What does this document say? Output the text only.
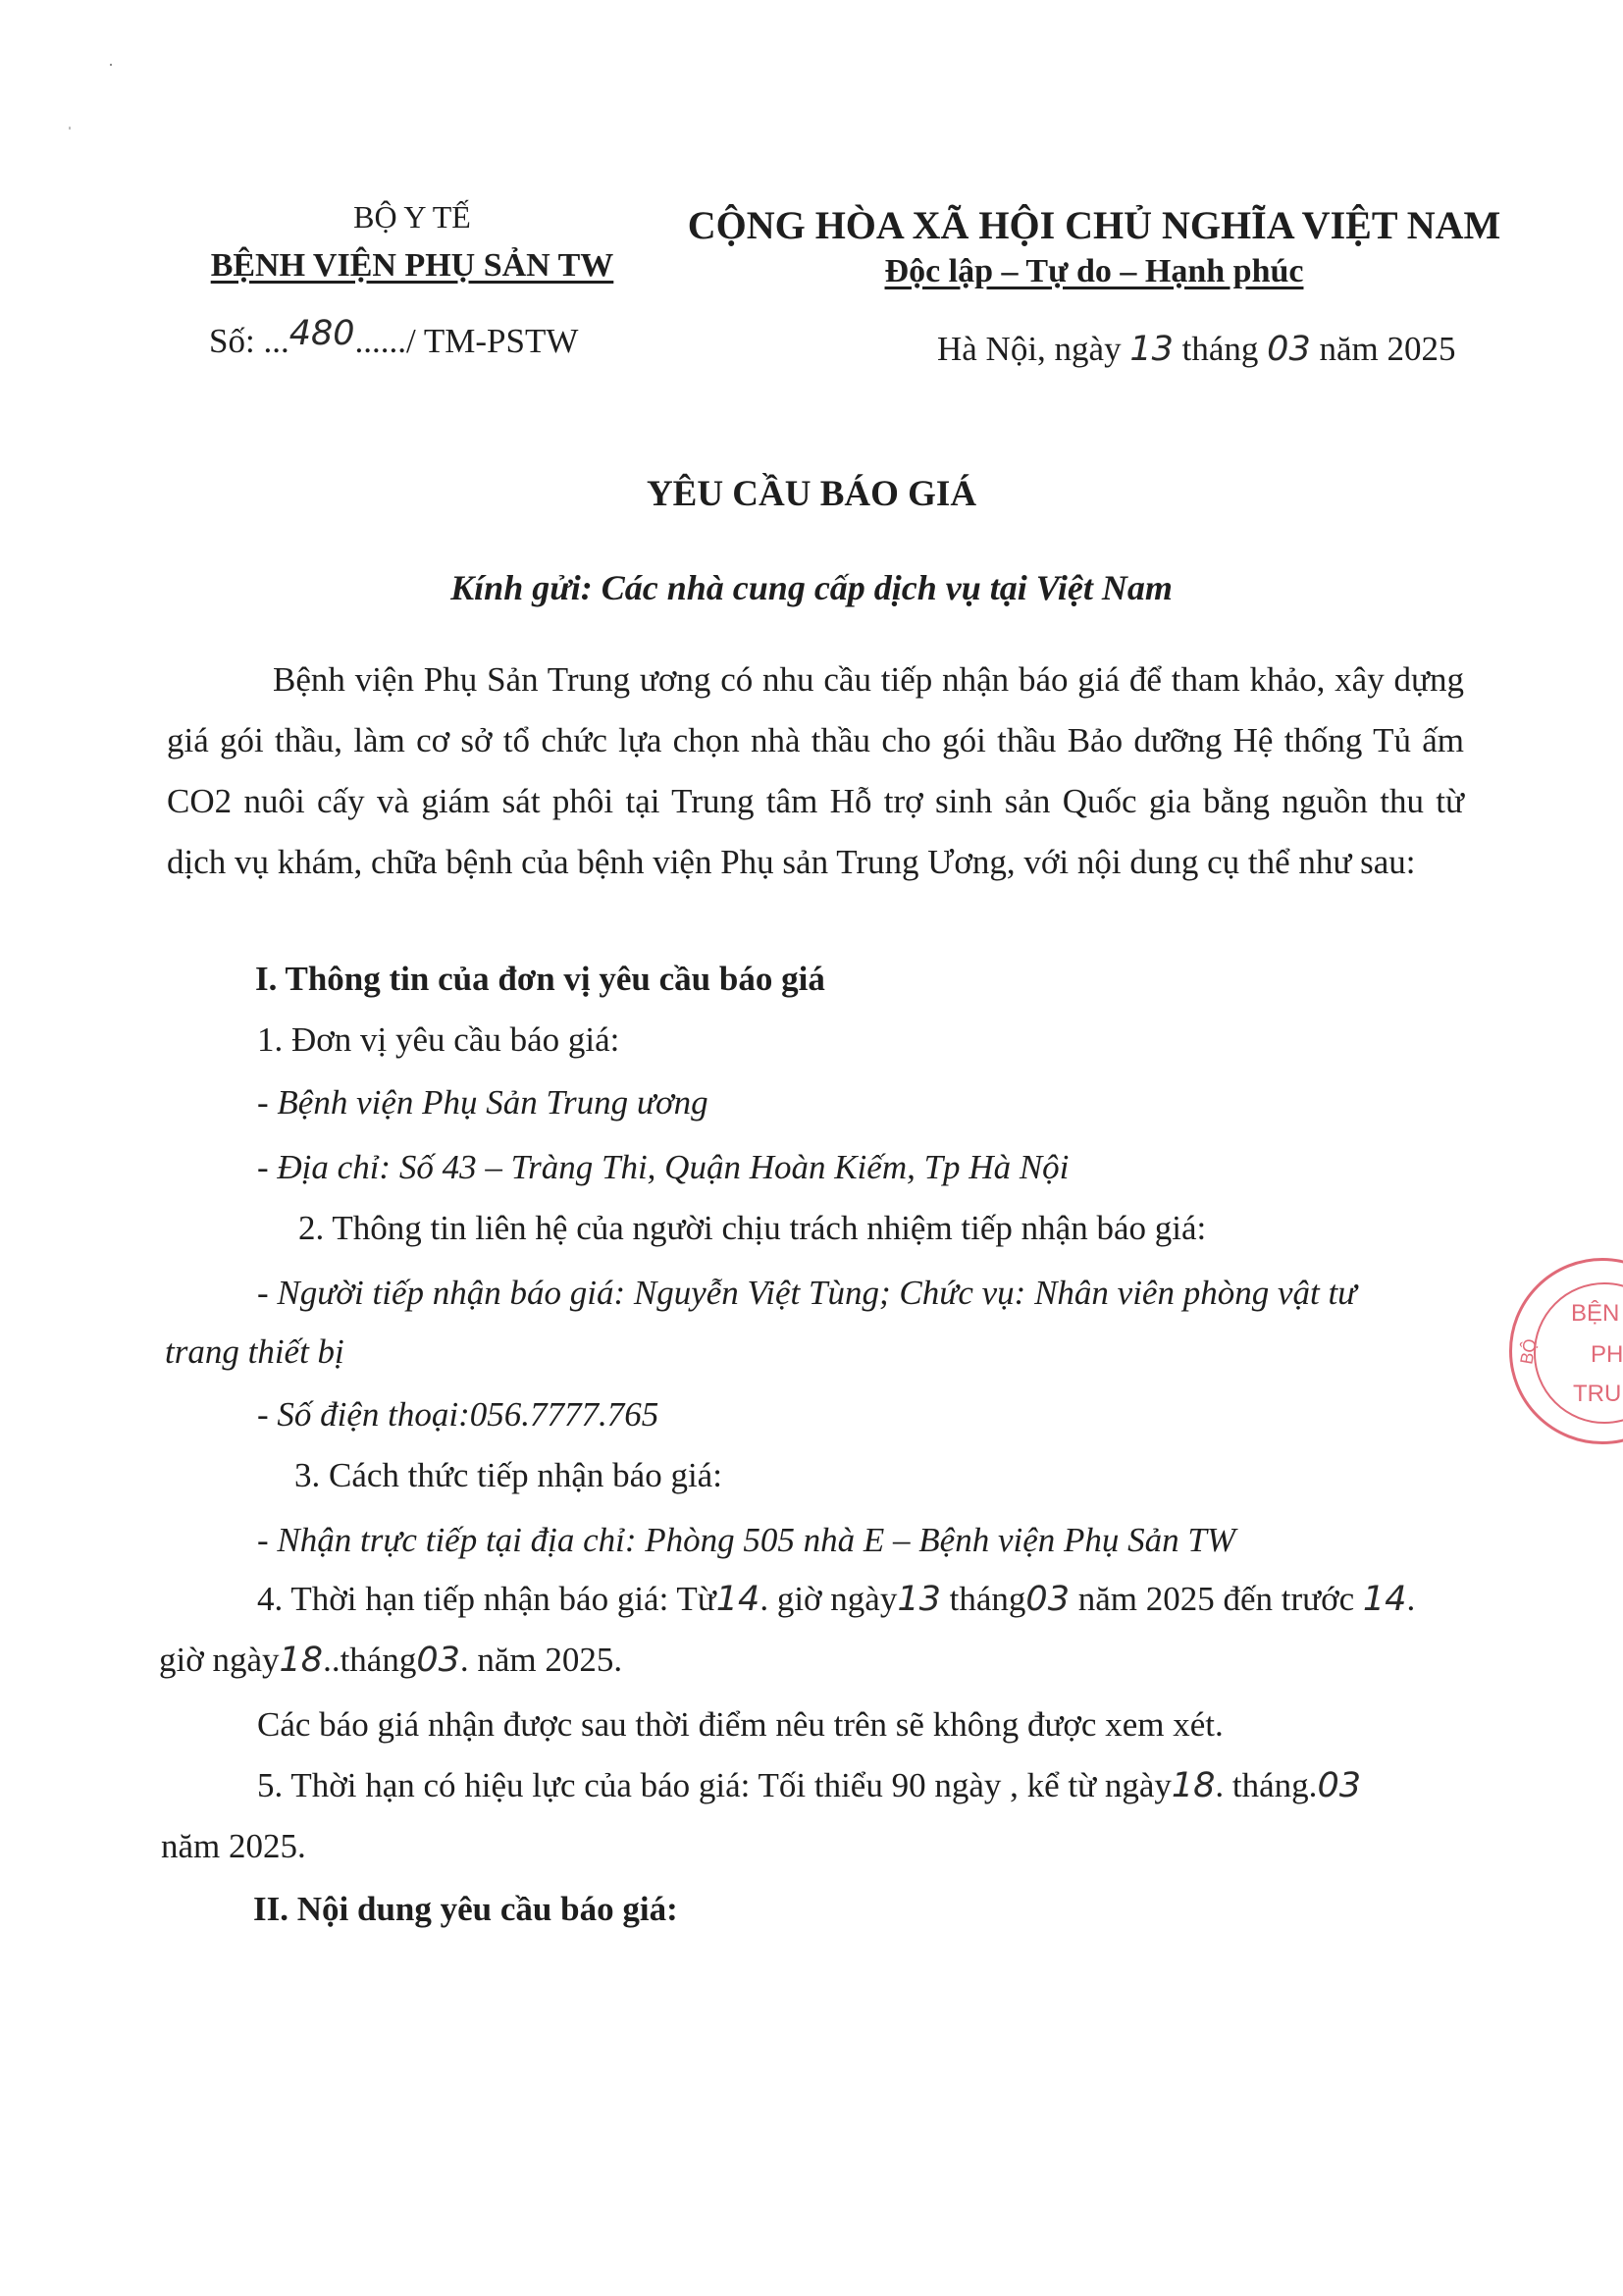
BỘ Y TẾ
BỆNH VIỆN PHỤ SẢN TW
CỘNG HÒA XÃ HỘI CHỦ NGHĨA VIỆT NAM
Độc lập – Tự do – Hạnh phúc
Số: ...480....../ TM-PSTW	Hà Nội, ngày 13 tháng 03 năm 2025
YÊU CẦU BÁO GIÁ
Kính gửi: Các nhà cung cấp dịch vụ tại Việt Nam
Bệnh viện Phụ Sản Trung ương có nhu cầu tiếp nhận báo giá để tham khảo, xây dựng giá gói thầu, làm cơ sở tổ chức lựa chọn nhà thầu cho gói thầu Bảo dưỡng Hệ thống Tủ ấm CO2 nuôi cấy và giám sát phôi tại Trung tâm Hỗ trợ sinh sản Quốc gia bằng nguồn thu từ dịch vụ khám, chữa bệnh của bệnh viện Phụ sản Trung Ương, với nội dung cụ thể như sau:
I. Thông tin của đơn vị yêu cầu báo giá
1. Đơn vị yêu cầu báo giá:
- Bệnh viện Phụ Sản Trung ương
- Địa chỉ: Số 43 – Tràng Thi, Quận Hoàn Kiếm, Tp Hà Nội
2. Thông tin liên hệ của người chịu trách nhiệm tiếp nhận báo giá:
- Người tiếp nhận báo giá: Nguyễn Việt Tùng; Chức vụ: Nhân viên phòng vật tư
trang thiết bị
- Số điện thoại:056.7777.765
3. Cách thức tiếp nhận báo giá:
- Nhận trực tiếp tại địa chỉ: Phòng 505 nhà E – Bệnh viện Phụ Sản TW
4. Thời hạn tiếp nhận báo giá: Từ14. giờ ngày13 tháng03 năm 2025 đến trước 14.
giờ ngày18..tháng03. năm 2025.
Các báo giá nhận được sau thời điểm nêu trên sẽ không được xem xét.
5. Thời hạn có hiệu lực của báo giá: Tối thiểu 90 ngày , kể từ ngày18. tháng.03
năm 2025.
II. Nội dung yêu cầu báo giá:
BỆN
PH
TRU
BỘ
ˌ
·
